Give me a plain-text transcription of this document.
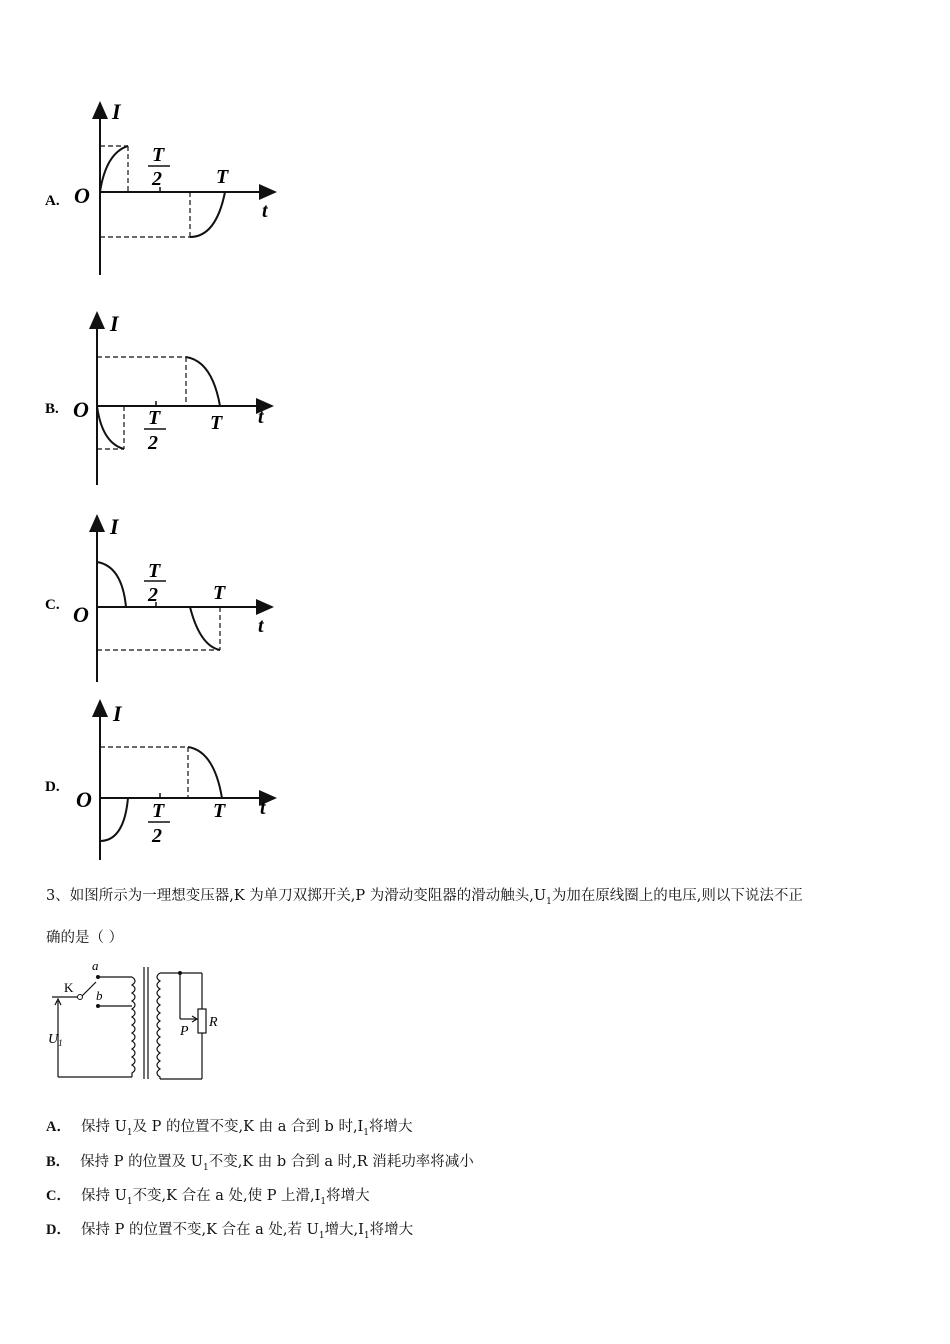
A.
I
t
O
T
2	T
B.
I
t
O	T
2
T
C.
I
t
O
T
2	T
D.
I
t
O	T
2
T
3、如图所示为一理想变压器,K 为单刀双掷开关,P 为滑动变阻器的滑动触头$,U_1$为加在原线圈上的电压,则以下说法不正
确的是（ ）
K
a
b
$U_1$
P
R
A． 保持 $U_1$及 P 的位置不变,K 由 a 合到 b 时$,I_1$将增大
B． 保持 P 的位置及 $U_1$不变,K 由 b 合到 a 时,R 消耗功率将减小
C． 保持 $U_1$不变,K 合在 a 处,使 P 上滑$,I_1$将增大
D． 保持 P 的位置不变,K 合在 a 处,若 $U_1$增大$,I_1$将增大
